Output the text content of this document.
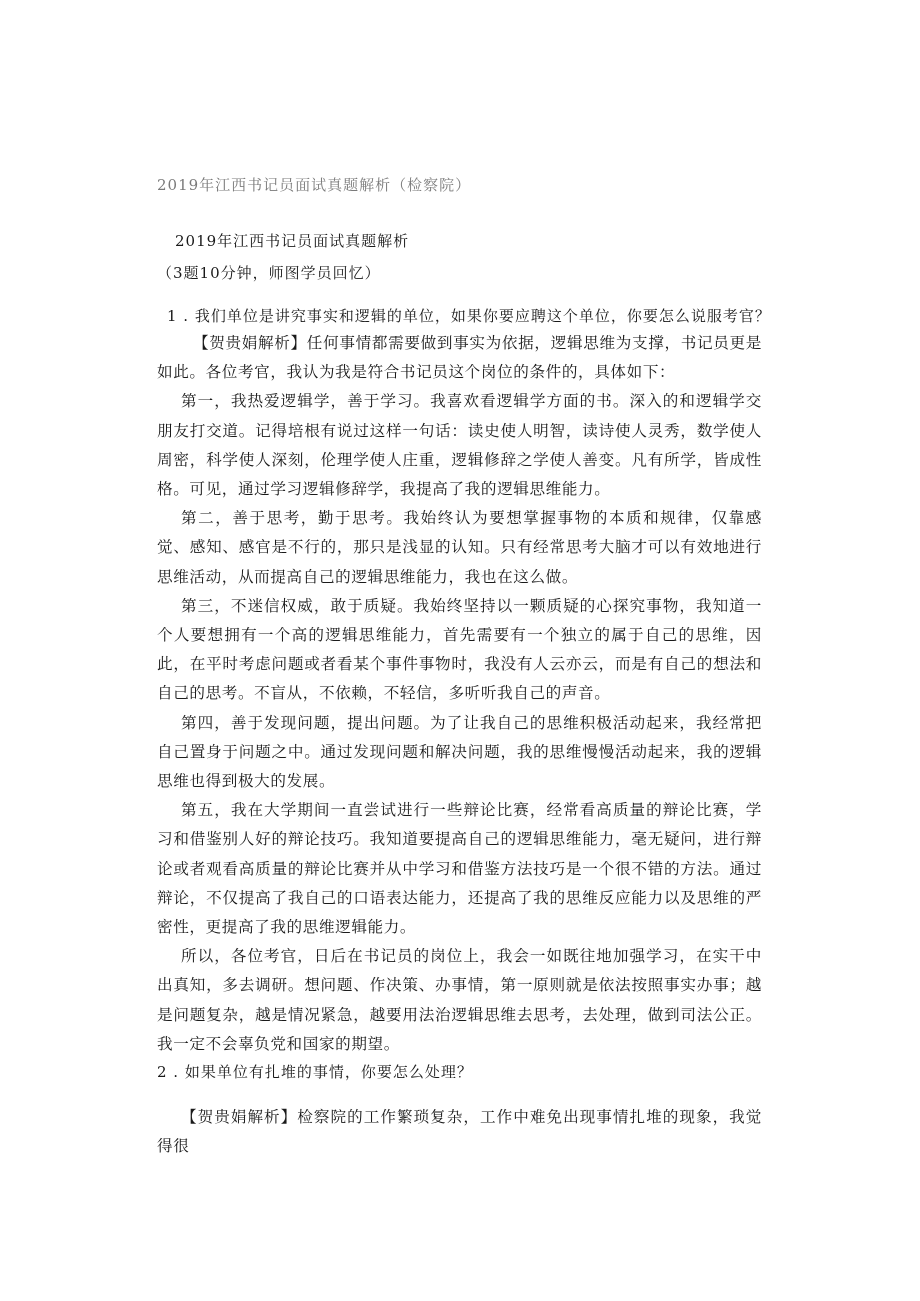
2019年江西书记员面试真题解析（检察院）
2019年江西书记员面试真题解析
（3题10分钟，师图学员回忆）

1 . 我们单位是讲究事实和逻辑的单位，如果你要应聘这个单位，你要怎么说服考官？

【贺贵娟解析】任何事情都需要做到事实为依据，逻辑思维为支撑，书记员更是如此。各位考官，我认为我是符合书记员这个岗位的条件的，具体如下：

第一，我热爱逻辑学，善于学习。我喜欢看逻辑学方面的书。深入的和逻辑学交朋友打交道。记得培根有说过这样一句话：读史使人明智，读诗使人灵秀，数学使人周密，科学使人深刻，伦理学使人庄重，逻辑修辞之学使人善变。凡有所学，皆成性格。可见，通过学习逻辑修辞学，我提高了我的逻辑思维能力。

第二，善于思考，勤于思考。我始终认为要想掌握事物的本质和规律，仅靠感觉、感知、感官是不行的，那只是浅显的认知。只有经常思考大脑才可以有效地进行思维活动，从而提高自己的逻辑思维能力，我也在这么做。

第三，不迷信权威，敢于质疑。我始终坚持以一颗质疑的心探究事物，我知道一个人要想拥有一个高的逻辑思维能力，首先需要有一个独立的属于自己的思维，因此，在平时考虑问题或者看某个事件事物时，我没有人云亦云，而是有自己的想法和自己的思考。不盲从，不依赖，不轻信，多听听我自己的声音。

第四，善于发现问题，提出问题。为了让我自己的思维积极活动起来，我经常把自己置身于问题之中。通过发现问题和解决问题，我的思维慢慢活动起来，我的逻辑思维也得到极大的发展。

第五，我在大学期间一直尝试进行一些辩论比赛，经常看高质量的辩论比赛，学习和借鉴别人好的辩论技巧。我知道要提高自己的逻辑思维能力，毫无疑问，进行辩论或者观看高质量的辩论比赛并从中学习和借鉴方法技巧是一个很不错的方法。通过辩论，不仅提高了我自己的口语表达能力，还提高了我的思维反应能力以及思维的严密性，更提高了我的思维逻辑能力。

所以，各位考官，日后在书记员的岗位上，我会一如既往地加强学习，在实干中出真知，多去调研。想问题、作决策、办事情，第一原则就是依法按照事实办事；越是问题复杂，越是情况紧急，越要用法治逻辑思维去思考，去处理，做到司法公正。我一定不会辜负党和国家的期望。

2 . 如果单位有扎堆的事情，你要怎么处理？

【贺贵娟解析】检察院的工作繁琐复杂，工作中难免出现事情扎堆的现象，我觉得很
